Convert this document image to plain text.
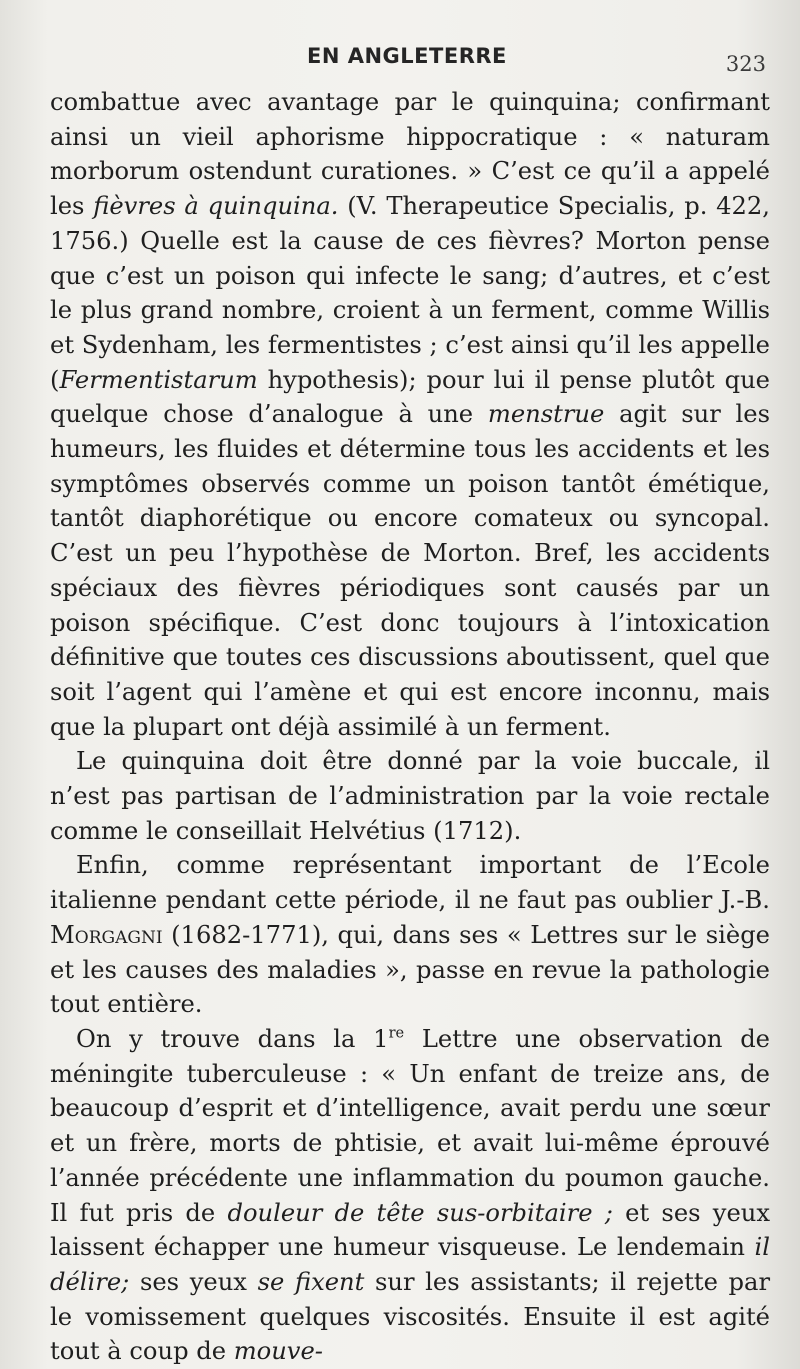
EN ANGLETERRE	323

combattue avec avantage par le quinquina; confirmant ainsi un vieil aphorisme hippocratique : « naturam morborum ostendunt curationes. » C’est ce qu’il a appelé les fièvres à quinquina. (V. Therapeutice Specialis, p. 422, 1756.) Quelle est la cause de ces fièvres? Morton pense que c’est un poison qui infecte le sang; d’autres, et c’est le plus grand nombre, croient à un ferment, comme Willis et Sydenham, les fermentistes ; c’est ainsi qu’il les appelle (Fermentistarum hypothesis); pour lui il pense plutôt que quelque chose d’analogue à une menstrue agit sur les humeurs, les fluides et détermine tous les accidents et les symptômes observés comme un poison tantôt émétique, tantôt diaphorétique ou encore comateux ou syncopal. C’est un peu l’hypothèse de Morton. Bref, les accidents spéciaux des fièvres périodiques sont causés par un poison spécifique. C’est donc toujours à l’intoxication définitive que toutes ces discussions aboutissent, quel que soit l’agent qui l’amène et qui est encore inconnu, mais que la plupart ont déjà assimilé à un ferment.

Le quinquina doit être donné par la voie buccale, il n’est pas partisan de l’administration par la voie rectale comme le conseillait Helvétius (1712).

Enfin, comme représentant important de l’Ecole italienne pendant cette période, il ne faut pas oublier J.-B. Morgagni (1682-1771), qui, dans ses « Lettres sur le siège et les causes des maladies », passe en revue la pathologie tout entière.

On y trouve dans la 1re Lettre une observation de méningite tuberculeuse : « Un enfant de treize ans, de beaucoup d’esprit et d’intelligence, avait perdu une sœur et un frère, morts de phtisie, et avait lui-même éprouvé l’année précédente une inflammation du poumon gauche. Il fut pris de douleur de tête sus-orbitaire ; et ses yeux laissent échapper une humeur visqueuse. Le lendemain il délire; ses yeux se fixent sur les assistants; il rejette par le vomissement quelques viscosités. Ensuite il est agité tout à coup de mouve-
